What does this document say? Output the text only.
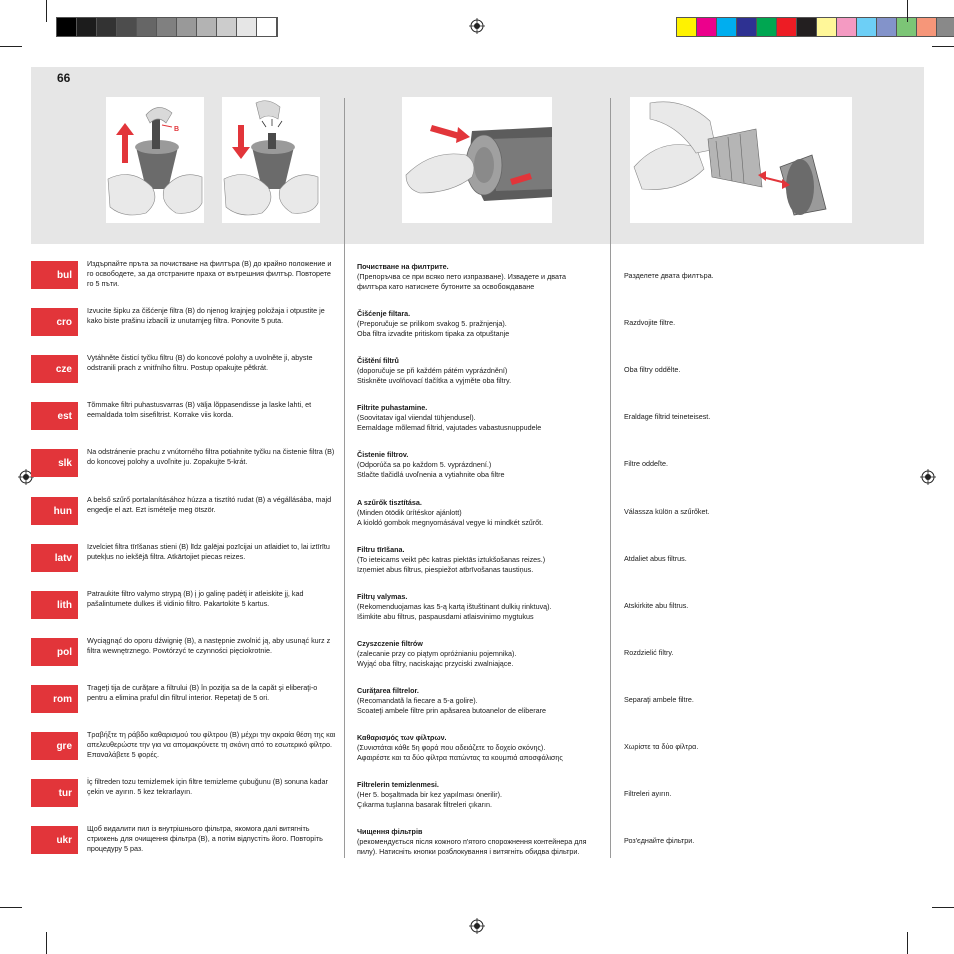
66
B
bul
Издърпайте пръта за почистване на филтъра (B) до крайно положение и го освободете, за да отстраните праха от вътрешния филтър. Повторете го 5 пъти.
Почистване на филтрите.
(Препоръчва се при всяко пето изпразване). Извадете и двата
филтъра като натиснете бутоните за освобождаване
Разделете двата филтъра.
cro
Izvucite šipku za čišćenje filtra (B) do njenog krajnjeg položaja i otpustite je kako biste prašinu izbacili iz unutarnjeg filtra. Ponovite 5 puta.
Čišćenje filtara.
(Preporučuje se prilikom svakog 5. pražnjenja).
Oba filtra izvadite pritiskom tipaka za otpuštanje
Razdvojite filtre.
cze
Vytáhněte čisticí tyčku filtru (B) do koncové polohy a uvolněte ji, abyste odstranili prach z vnitřního filtru. Postup opakujte pětkrát.
Čištění filtrů
(doporučuje se při každém pátém vyprázdnění)
Stiskněte uvolňovací tlačítka a vyjměte oba filtry.
Oba filtry oddělte.
est
Tõmmake filtri puhastusvarras (B) välja lõppasendisse ja laske lahti, et eemaldada tolm sisefiltrist. Korrake viis korda.
Filtrite puhastamine.
(Soovitatav igal viiendal tühjendusel).
Eemaldage mõlemad filtrid, vajutades vabastusnuppudele
Eraldage filtrid teineteisest.
slk
Na odstránenie prachu z vnútorného filtra potiahnite tyčku na čistenie filtra (B) do koncovej polohy a uvoľnite ju. Zopakujte 5-krát.
Čistenie filtrov.
(Odporúča sa po každom 5. vyprázdnení.)
Stlačte tlačidlá uvoľnenia a vytiahnite oba filtre
Filtre oddeľte.
hun
A belső szűrő portalanításához húzza a tisztító rudat (B) a végállásába, majd engedje el azt. Ezt ismételje meg ötször.
A szűrők tisztítása.
(Minden ötödik ürítéskor ajánlott)
A kioldó gombok megnyomásával vegye ki mindkét szűrőt.
Válassza külön a szűrőket.
latv
Izvelciet filtra tīrīšanas stieni (B) līdz galējai pozīcijai un atlaidiet to, lai iztīrītu putekļus no iekšējā filtra. Atkārtojiet piecas reizes.
Filtru tīrīšana.
(To ieteicams veikt pēc katras piektās iztukšošanas reizes.)
Izņemiet abus filtrus, piespiežot atbrīvošanas taustiņus.
Atdaliet abus filtrus.
lith
Patraukite filtro valymo strypą (B) į jo galinę padėtį ir atleiskite jį, kad pašalintumete dulkes iš vidinio filtro. Pakartokite 5 kartus.
Filtrų valymas.
(Rekomenduojamas kas 5-ą kartą ištuštinant dulkių rinktuvą).
Išimkite abu filtrus, paspausdami atlaisvinimo mygtukus
Atskirkite abu filtrus.
pol
Wyciągnąć do oporu dźwignię (B), a następnie zwolnić ją, aby usunąć kurz z filtra wewnętrznego. Powtórzyć te czynności pięciokrotnie.
Czyszczenie filtrów
(zalecanie przy co piątym opróżnianiu pojemnika).
Wyjąć oba filtry, naciskając przyciski zwalniające.
Rozdzielić filtry.
rom
Trageţi tija de curăţare a filtrului (B) în poziţia sa de la capăt şi eliberaţi-o pentru a elimina praful din filtrul interior. Repetaţi de 5 ori.
Curăţarea filtrelor.
(Recomandată la fiecare a 5-a golire).
Scoateţi ambele filtre prin apăsarea butoanelor de eliberare
Separaţi ambele filtre.
gre
Τραβήξτε τη ράβδο καθαρισμού του φίλτρου (B) μέχρι την ακραία θέση της και απελευθερώστε την για να απομακρύνετε τη σκόνη από το εσωτερικό φίλτρο. Επαναλάβετε 5 φορές.
Καθαρισμός των φίλτρων.
(Συνιστάται κάθε 5η φορά που αδειάζετε το δοχείο σκόνης).
Αφαιρέστε και τα δύο φίλτρα πατώντας τα κουμπιά αποσφάλισης
Χωρίστε τα δύο φίλτρα.
tur
İç filtreden tozu temizlemek için filtre temizleme çubuğunu (B) sonuna kadar çekin ve ayırın. 5 kez tekrarlayın.
Filtrelerin temizlenmesi.
(Her 5. boşaltmada bir kez yapılması önerilir).
Çıkarma tuşlarına basarak filtreleri çıkarın.
Filtreleri ayırın.
ukr
Щоб видалити пил із внутрішнього фільтра, якомога далі витягніть стрижень для очищення фільтра (B), а потім відпустіть його. Повторіть процедуру 5 раз.
Чищення фільтрів
(рекомендується після кожного п'ятого спорожнення контейнера для
пилу). Натисніть кнопки розблокування і витягніть обидва фільтри.
Роз'єднайте фільтри.
